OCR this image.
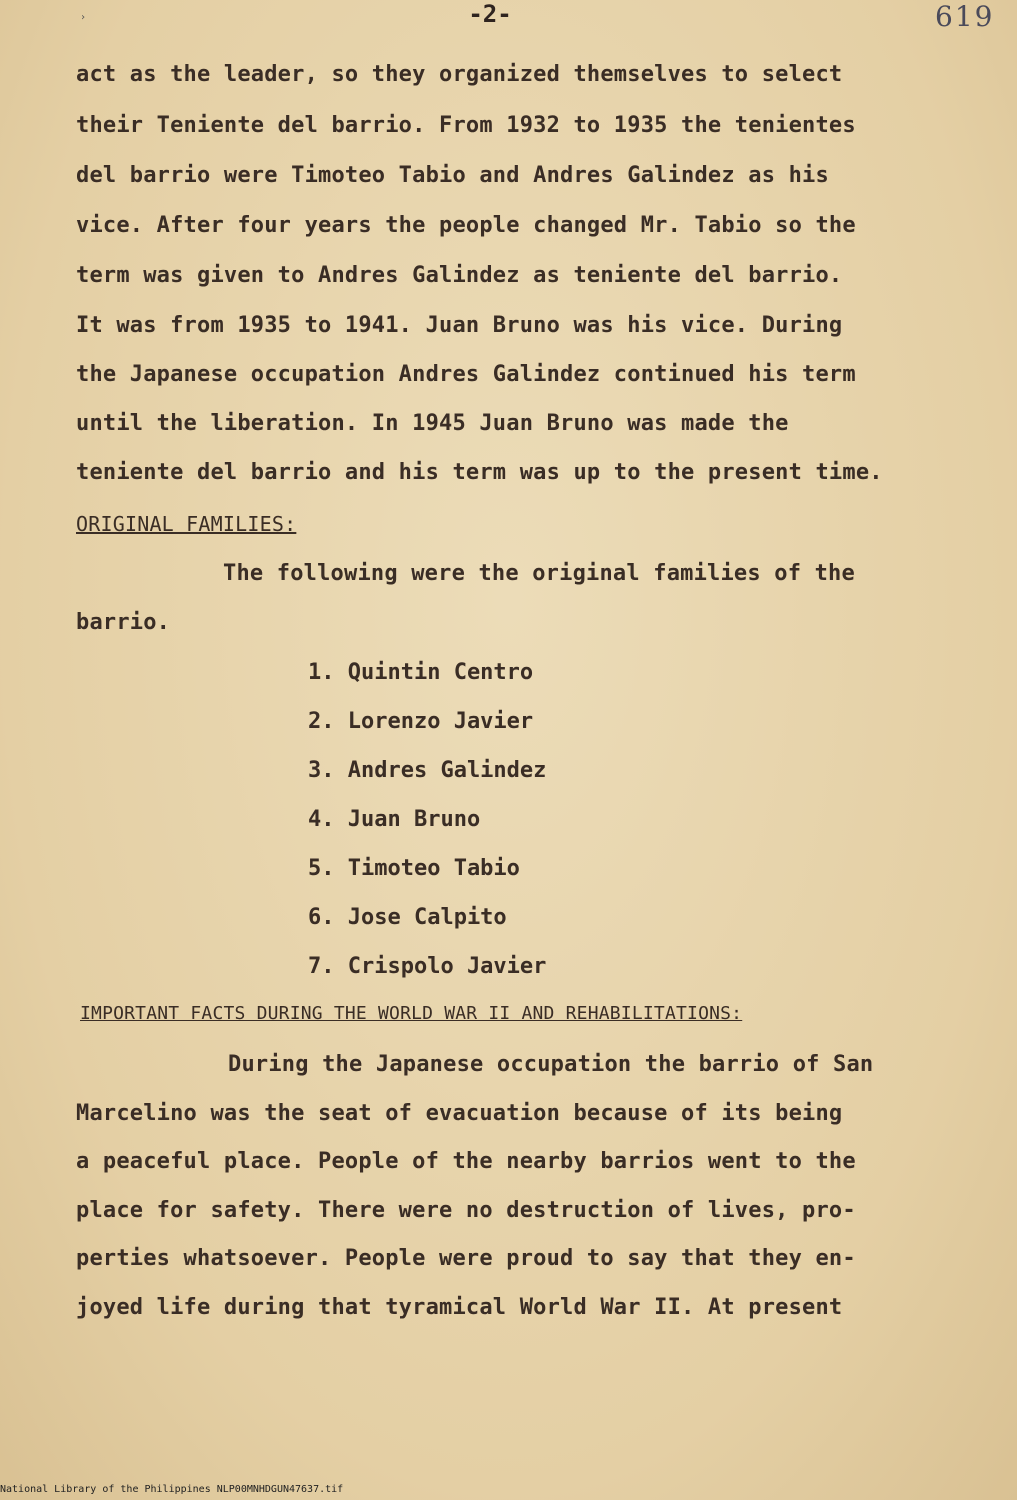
›	-2-	619
act as the leader, so they organized themselves to select
their Teniente del barrio. From 1932 to 1935 the tenientes
del barrio were Timoteo Tabio and Andres Galindez as his
vice. After four years the people changed Mr. Tabio so the
term was given to Andres Galindez as teniente del barrio.
It was from 1935 to 1941. Juan Bruno was his vice. During
the Japanese occupation Andres Galindez continued his term
until the liberation. In 1945 Juan Bruno was made the
teniente del barrio and his term was up to the present time.
ORIGINAL FAMILIES:
The following were the original families of the
barrio.
1. Quintin Centro
2. Lorenzo Javier
3. Andres Galindez
4. Juan Bruno
5. Timoteo Tabio
6. Jose Calpito
7. Crispolo Javier
IMPORTANT FACTS DURING THE WORLD WAR II AND REHABILITATIONS:
During the Japanese occupation the barrio of San
Marcelino was the seat of evacuation because of its being
a peaceful place. People of the nearby barrios went to the
place for safety. There were no destruction of lives, pro-
perties whatsoever. People were proud to say that they en-
joyed life during that tyramical World War II. At present
National Library of the Philippines NLP00MNHDGUN47637.tif
